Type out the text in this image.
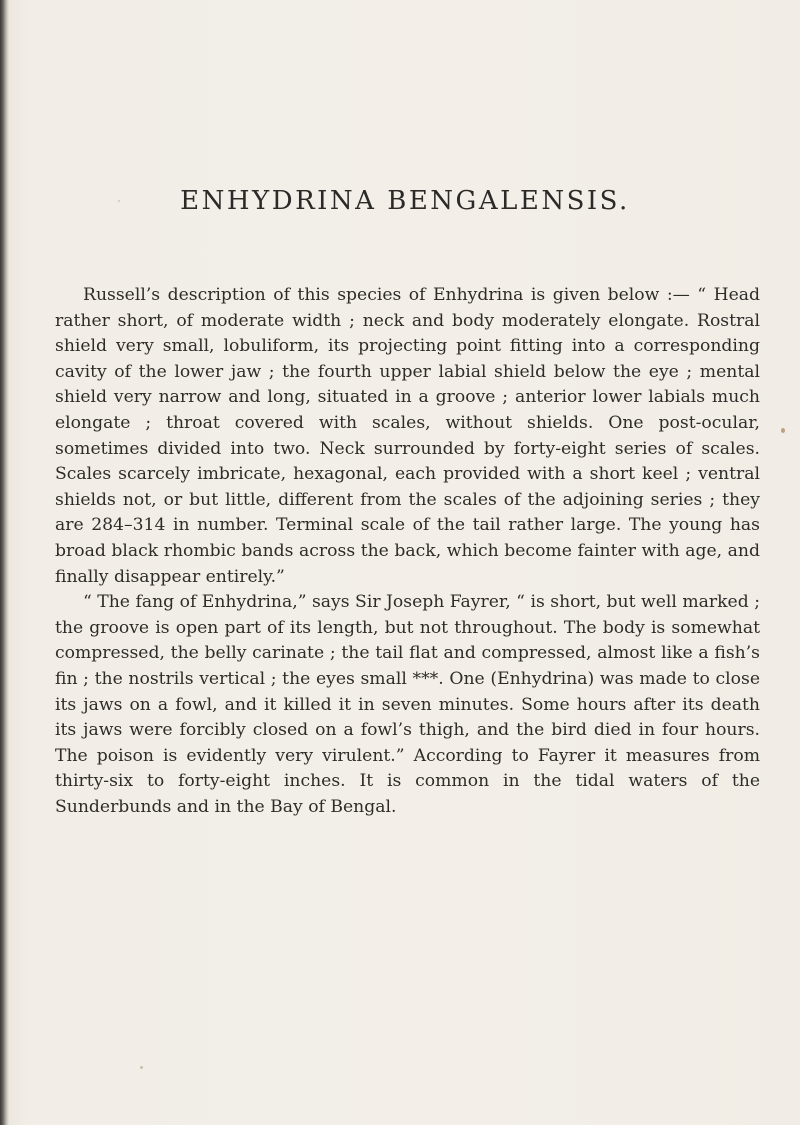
ENHYDRINA BENGALENSIS.

Russell’s description of this species of Enhydrina is given below :— “ Head rather short, of moderate width ; neck and body moderately elongate. Rostral shield very small, lobuliform, its projecting point fitting into a corresponding cavity of the lower jaw ; the fourth upper labial shield below the eye ; mental shield very narrow and long, situated in a groove ; anterior lower labials much elongate ; throat covered with scales, without shields. One post-ocular, sometimes divided into two. Neck surrounded by forty-eight series of scales. Scales scarcely imbricate, hexagonal, each provided with a short keel ; ventral shields not, or but little, different from the scales of the adjoining series ; they are 284–314 in number. Terminal scale of the tail rather large. The young has broad black rhombic bands across the back, which become fainter with age, and finally disappear entirely.”

“ The fang of Enhydrina,” says Sir Joseph Fayrer, “ is short, but well marked ; the groove is open part of its length, but not throughout. The body is somewhat compressed, the belly carinate ; the tail flat and compressed, almost like a fish’s fin ; the nostrils vertical ; the eyes small ***. One (Enhydrina) was made to close its jaws on a fowl, and it killed it in seven minutes. Some hours after its death its jaws were forcibly closed on a fowl’s thigh, and the bird died in four hours. The poison is evidently very virulent.” According to Fayrer it measures from thirty-six to forty-eight inches. It is common in the tidal waters of the Sunderbunds and in the Bay of Bengal.
